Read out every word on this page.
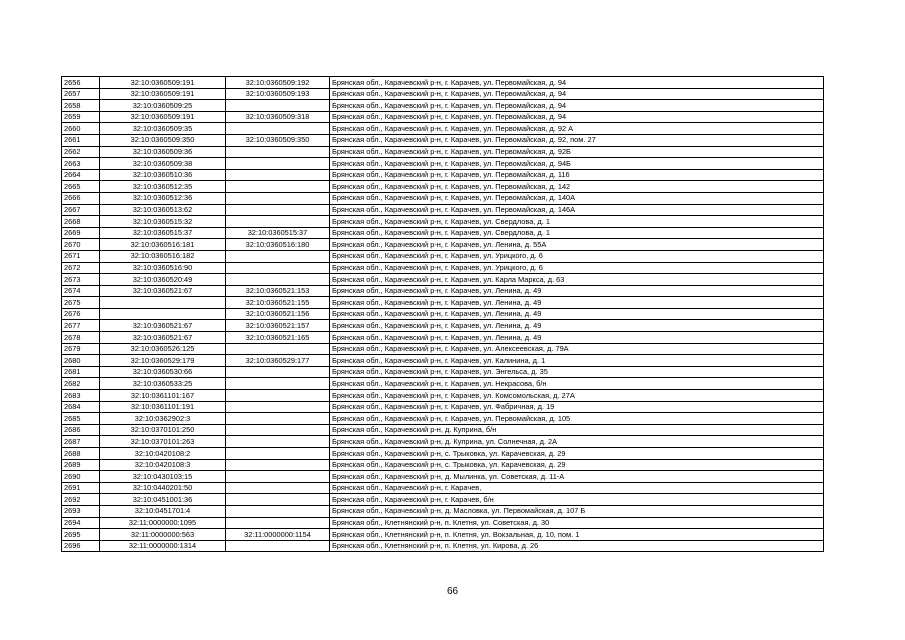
2656	32:10:0360509:191	32:10:0360509:192	Брянская обл., Карачевский р-н, г. Карачев, ул. Первомайская, д. 94
2657	32:10:0360509:191	32:10:0360509:193	Брянская обл., Карачевский р-н, г. Карачев, ул. Первомайская, д. 94
2658	32:10:0360509:25		Брянская обл., Карачевский р-н, г. Карачев, ул. Первомайская, д. 94
2659	32:10:0360509:191	32:10:0360509:318	Брянская обл., Карачевский р-н, г. Карачев, ул. Первомайская, д. 94
2660	32:10:0360509:35		Брянская обл., Карачевский р-н, г. Карачев, ул. Первомайская, д. 92 А
2661	32:10:0360509:350	32:10:0360509:350	Брянская обл., Карачевский р-н, г. Карачев, ул. Первомайская, д. 92, пом. 27
2662	32:10:0360509:36		Брянская обл., Карачевский р-н, г. Карачев, ул. Первомайская, д. 92Б
2663	32:10:0360509:38		Брянская обл., Карачевский р-н, г. Карачев, ул. Первомайская, д. 94Б
2664	32:10:0360510:36		Брянская обл., Карачевский р-н, г. Карачев, ул. Первомайская, д. 116
2665	32:10:0360512:35		Брянская обл., Карачевский р-н, г. Карачев, ул. Первомайская, д. 142
2666	32:10:0360512:36		Брянская обл., Карачевский р-н, г. Карачев, ул. Первомайская, д. 140А
2667	32:10:0360513:62		Брянская обл., Карачевский р-н, г. Карачев, ул. Первомайская, д. 146А
2668	32:10:0360515:32		Брянская обл., Карачевский р-н, г. Карачев, ул. Свердлова, д. 1
2669	32:10:0360515:37	32:10:0360515:37	Брянская обл., Карачевский р-н, г. Карачев, ул. Свердлова, д. 1
2670	32:10:0360516:181	32:10:0360516:180	Брянская обл., Карачевский р-н, г. Карачев, ул. Ленина, д. 55А
2671	32:10:0360516:182		Брянская обл., Карачевский р-н, г. Карачев, ул. Урицкого, д. 6
2672	32:10:0360516:90		Брянская обл., Карачевский р-н, г. Карачев, ул. Урицкого, д. 6
2673	32:10:0360520:49		Брянская обл., Карачевский р-н, г. Карачев, ул. Карла Маркса, д. 63
2674	32:10:0360521:67	32:10:0360521:153	Брянская обл., Карачевский р-н, г. Карачев, ул. Ленина, д. 49
2675		32:10:0360521:155	Брянская обл., Карачевский р-н, г. Карачев, ул. Ленина, д. 49
2676		32:10:0360521:156	Брянская обл., Карачевский р-н, г. Карачев, ул. Ленина, д. 49
2677	32:10:0360521:67	32:10:0360521:157	Брянская обл., Карачевский р-н, г. Карачев, ул. Ленина, д. 49
2678	32:10:0360521:67	32:10:0360521:165	Брянская обл., Карачевский р-н, г. Карачев, ул. Ленина, д. 49
2679	32:10:0360526:125		Брянская обл., Карачевский р-н, г. Карачев, ул. Алексеевская, д. 79А
2680	32:10:0360529:179	32:10:0360529:177	Брянская обл., Карачевский р-н, г. Карачев, ул. Калинина, д. 1
2681	32:10:0360530:66		Брянская обл., Карачевский р-н, г. Карачев, ул. Энгельса, д. 35
2682	32:10:0360533:25		Брянская обл., Карачевский р-н, г. Карачев, ул. Некрасова, б/н
2683	32:10:0361101:167		Брянская обл., Карачевский р-н, г. Карачев, ул. Комсомольская, д. 27А
2684	32:10:0361101:191		Брянская обл., Карачевский р-н, г. Карачев, ул. Фабричная, д. 19
2685	32:10:0362902:3		Брянская обл., Карачевский р-н, г. Карачев, ул. Первомайская, д. 105
2686	32:10:0370101:250		Брянская обл., Карачевский р-н, д. Куприна, б/н
2687	32:10:0370101:263		Брянская обл., Карачевский р-н, д. Куприна, ул. Солнечная, д. 2А
2688	32:10:0420108:2		Брянская обл., Карачевский р-н, с. Трыковка, ул. Карачевская, д. 29
2689	32:10:0420108:3		Брянская обл., Карачевский р-н, с. Трыковка, ул. Карачевская, д. 29
2690	32:10:0430103:15		Брянская обл., Карачевский р-н, д. Мылинка, ул. Советская, д. 11-А
2691	32:10:0440201:50		Брянская обл., Карачевский р-н, г. Карачев,
2692	32:10:0451001:36		Брянская обл., Карачевский р-н, г. Карачев, б/н
2693	32:10:0451701:4		Брянская обл., Карачевский р-н, д. Масловка, ул. Первомайская, д. 107 Б
2694	32:11:0000000:1095		Брянская обл., Клетнянский р-н, п. Клетня, ул. Советская, д. 30
2695	32:11:0000000:563	32:11:0000000:1154	Брянская обл., Клетнянский р-н, п. Клетня, ул. Вокзальная, д. 10, пом. 1
2696	32:11:0000000:1314		Брянская обл., Клетнянский р-н, п. Клетня, ул. Кирова, д. 26
66
